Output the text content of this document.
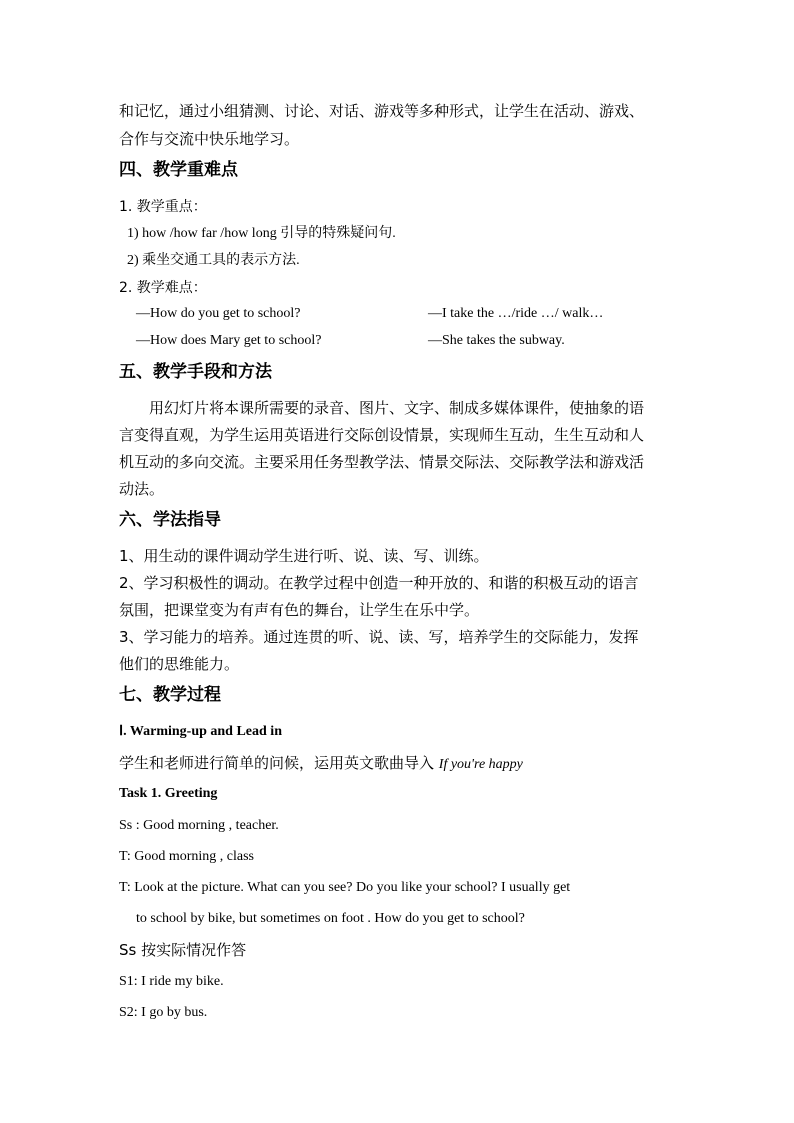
和记忆，通过小组猜测、讨论、对话、游戏等多种形式，让学生在活动、游戏、
合作与交流中快乐地学习。
四、教学重难点
1. 教学重点：
1) how /how far /how long 引导的特殊疑问句.
2) 乘坐交通工具的表示方法.
2. 教学难点：
—How do you get to school?	—I take the …/ride …/ walk…
—How does Mary get to school?	—She takes the subway.
五、教学手段和方法
用幻灯片将本课所需要的录音、图片、文字、制成多媒体课件，使抽象的语
言变得直观，为学生运用英语进行交际创设情景，实现师生互动，生生互动和人
机互动的多向交流。主要采用任务型教学法、情景交际法、交际教学法和游戏活
动法。
六、学法指导
1、用生动的课件调动学生进行听、说、读、写、训练。
2、学习积极性的调动。在教学过程中创造一种开放的、和谐的积极互动的语言
氛围，把课堂变为有声有色的舞台，让学生在乐中学。
3、学习能力的培养。通过连贯的听、说、读、写，培养学生的交际能力，发挥
他们的思维能力。
七、教学过程
Ⅰ. Warming-up and Lead in
学生和老师进行简单的问候，运用英文歌曲导入 If you're happy
Task 1. Greeting
Ss : Good morning , teacher.
T: Good morning , class
T: Look at the picture. What can you see? Do you like your school? I usually get
to school by bike, but sometimes on foot . How do you get to school?
Ss 按实际情况作答
S1: I ride my bike.
S2: I go by bus.
